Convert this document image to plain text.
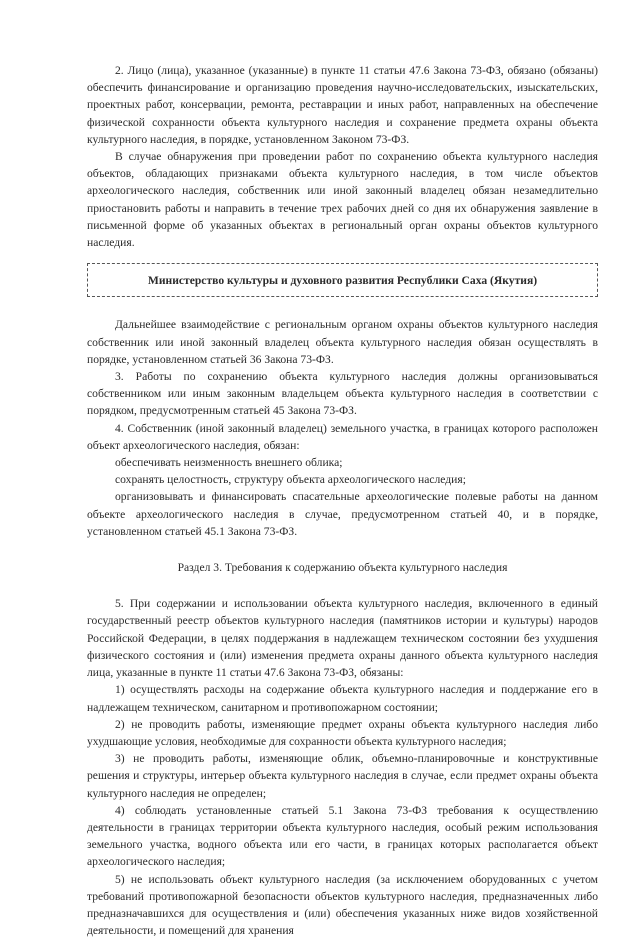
2. Лицо (лица), указанное (указанные) в пункте 11 статьи 47.6 Закона 73-ФЗ, обязано (обязаны) обеспечить финансирование и организацию проведения научно-исследовательских, изыскательских, проектных работ, консервации, ремонта, реставрации и иных работ, направленных на обеспечение физической сохранности объекта культурного наследия и сохранение предмета охраны объекта культурного наследия, в порядке, установленном Законом 73-ФЗ.

В случае обнаружения при проведении работ по сохранению объекта культурного наследия объектов, обладающих признаками объекта культурного наследия, в том числе объектов археологического наследия, собственник или иной законный владелец обязан незамедлительно приостановить работы и направить в течение трех рабочих дней со дня их обнаружения заявление в письменной форме об указанных объектах в региональный орган охраны объектов культурного наследия.

Министерство культуры и духовного развития Республики Саха (Якутия)

Дальнейшее взаимодействие с региональным органом охраны объектов культурного наследия собственник или иной законный владелец объекта культурного наследия обязан осуществлять в порядке, установленном статьей 36 Закона 73-ФЗ.

3. Работы по сохранению объекта культурного наследия должны организовываться собственником или иным законным владельцем объекта культурного наследия в соответствии с порядком, предусмотренным статьей 45 Закона 73-ФЗ.

4. Собственник (иной законный владелец) земельного участка, в границах которого расположен объект археологического наследия, обязан:

обеспечивать неизменность внешнего облика;

сохранять целостность, структуру объекта археологического наследия;

организовывать и финансировать спасательные археологические полевые работы на данном объекте археологического наследия в случае, предусмотренном статьей 40, и в порядке, установленном статьей 45.1 Закона 73-ФЗ.

Раздел 3. Требования к содержанию объекта культурного наследия

5. При содержании и использовании объекта культурного наследия, включенного в единый государственный реестр объектов культурного наследия (памятников истории и культуры) народов Российской Федерации, в целях поддержания в надлежащем техническом состоянии без ухудшения физического состояния и (или) изменения предмета охраны данного объекта культурного наследия лица, указанные в пункте 11 статьи 47.6 Закона 73-ФЗ, обязаны:

1) осуществлять расходы на содержание объекта культурного наследия и поддержание его в надлежащем техническом, санитарном и противопожарном состоянии;

2) не проводить работы, изменяющие предмет охраны объекта культурного наследия либо ухудшающие условия, необходимые для сохранности объекта культурного наследия;

3) не проводить работы, изменяющие облик, объемно-планировочные и конструктивные решения и структуры, интерьер объекта культурного наследия в случае, если предмет охраны объекта культурного наследия не определен;

4) соблюдать установленные статьей 5.1 Закона 73-ФЗ требования к осуществлению деятельности в границах территории объекта культурного наследия, особый режим использования земельного участка, водного объекта или его части, в границах которых располагается объект археологического наследия;

5) не использовать объект культурного наследия (за исключением оборудованных с учетом требований противопожарной безопасности объектов культурного наследия, предназначенных либо предназначавшихся для осуществления и (или) обеспечения указанных ниже видов хозяйственной деятельности, и помещений для хранения
